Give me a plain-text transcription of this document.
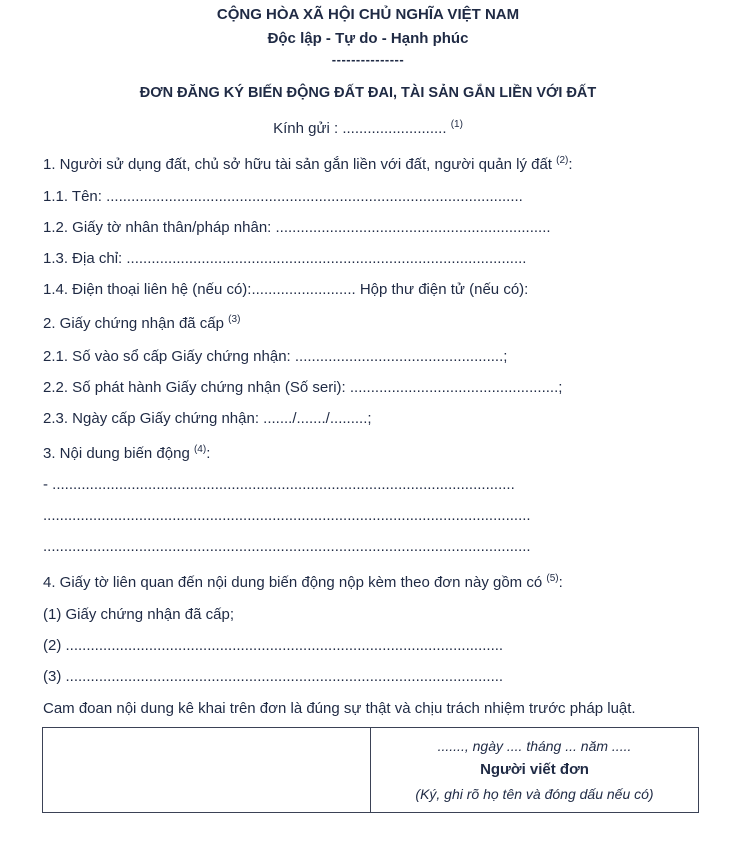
CỘNG HÒA XÃ HỘI CHỦ NGHĨA VIỆT NAM
Độc lập - Tự do - Hạnh phúc
---------------
ĐƠN ĐĂNG KÝ BIẾN ĐỘNG ĐẤT ĐAI, TÀI SẢN GẮN LIỀN VỚI ĐẤT
Kính gửi : ......................... $^{(1)}$
1. Người sử dụng đất, chủ sở hữu tài sản gắn liền với đất, người quản lý đất $^{(2)}$:
1.1. Tên: ....................................................................................................
1.2. Giấy tờ nhân thân/pháp nhân: ..................................................................
1.3. Địa chỉ: ................................................................................................
1.4. Điện thoại liên hệ (nếu có):......................... Hộp thư điện tử (nếu có):
2. Giấy chứng nhận đã cấp $^{(3)}$
2.1. Số vào sổ cấp Giấy chứng nhận: ..................................................;
2.2. Số phát hành Giấy chứng nhận (Số seri): ..................................................;
2.3. Ngày cấp Giấy chứng nhận: ......./......./.........;
3. Nội dung biến động $^{(4)}$:
- ...............................................................................................................
.....................................................................................................................
.....................................................................................................................
4. Giấy tờ liên quan đến nội dung biến động nộp kèm theo đơn này gồm có $^{(5)}$:
(1) Giấy chứng nhận đã cấp;
(2) .........................................................................................................
(3) .........................................................................................................
Cam đoan nội dung kê khai trên đơn là đúng sự thật và chịu trách nhiệm trước pháp luật.

......., ngày .... tháng ... năm .....
Người viết đơn
(Ký, ghi rõ họ tên và đóng dấu nếu có)
